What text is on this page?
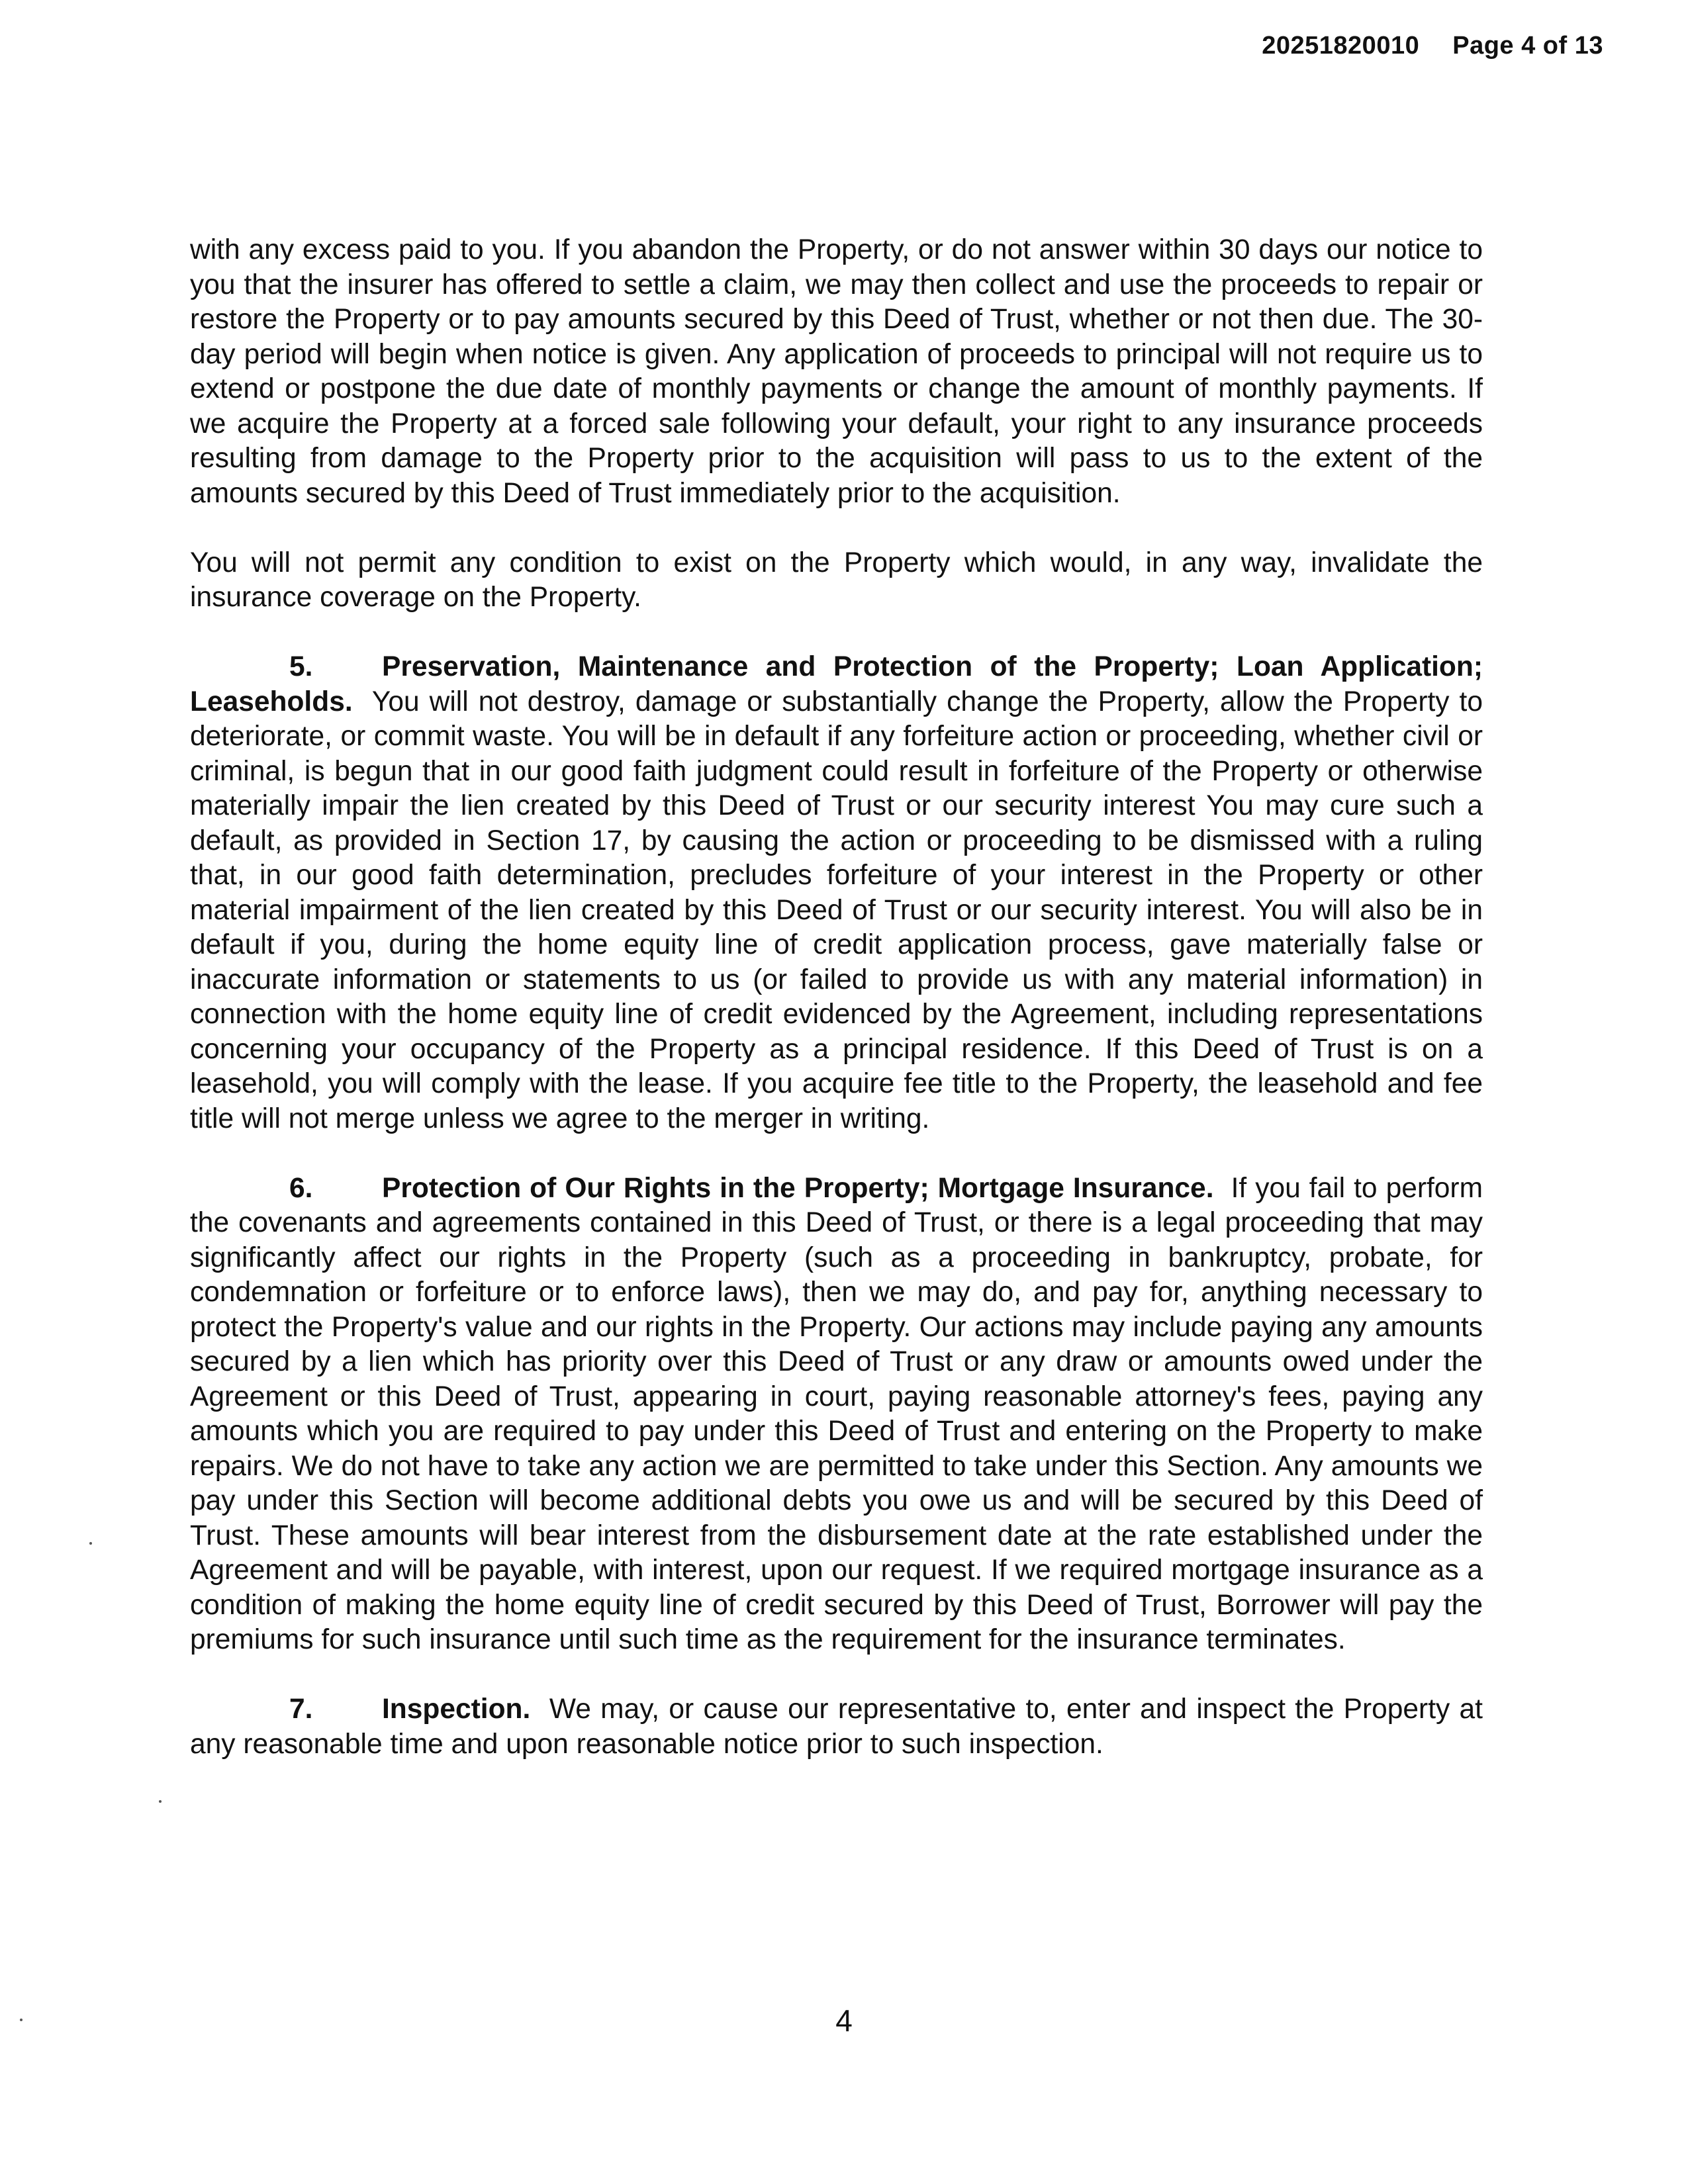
20251820010 Page 4 of 13

with any excess paid to you. If you abandon the Property, or do not answer within 30 days our notice to you that the insurer has offered to settle a claim, we may then collect and use the proceeds to repair or restore the Property or to pay amounts secured by this Deed of Trust, whether or not then due. The 30-day period will begin when notice is given. Any application of proceeds to principal will not require us to extend or postpone the due date of monthly payments or change the amount of monthly payments. If we acquire the Property at a forced sale following your default, your right to any insurance proceeds resulting from damage to the Property prior to the acquisition will pass to us to the extent of the amounts secured by this Deed of Trust immediately prior to the acquisition.

You will not permit any condition to exist on the Property which would, in any way, invalidate the insurance coverage on the Property.

5. Preservation, Maintenance and Protection of the Property; Loan Application; Leaseholds. You will not destroy, damage or substantially change the Property, allow the Property to deteriorate, or commit waste. You will be in default if any forfeiture action or proceeding, whether civil or criminal, is begun that in our good faith judgment could result in forfeiture of the Property or otherwise materially impair the lien created by this Deed of Trust or our security interest You may cure such a default, as provided in Section 17, by causing the action or proceeding to be dismissed with a ruling that, in our good faith determination, precludes forfeiture of your interest in the Property or other material impairment of the lien created by this Deed of Trust or our security interest. You will also be in default if you, during the home equity line of credit application process, gave materially false or inaccurate information or statements to us (or failed to provide us with any material information) in connection with the home equity line of credit evidenced by the Agreement, including representations concerning your occupancy of the Property as a principal residence. If this Deed of Trust is on a leasehold, you will comply with the lease. If you acquire fee title to the Property, the leasehold and fee title will not merge unless we agree to the merger in writing.

6. Protection of Our Rights in the Property; Mortgage Insurance. If you fail to perform the covenants and agreements contained in this Deed of Trust, or there is a legal proceeding that may significantly affect our rights in the Property (such as a proceeding in bankruptcy, probate, for condemnation or forfeiture or to enforce laws), then we may do, and pay for, anything necessary to protect the Property's value and our rights in the Property. Our actions may include paying any amounts secured by a lien which has priority over this Deed of Trust or any draw or amounts owed under the Agreement or this Deed of Trust, appearing in court, paying reasonable attorney's fees, paying any amounts which you are required to pay under this Deed of Trust and entering on the Property to make repairs. We do not have to take any action we are permitted to take under this Section. Any amounts we pay under this Section will become additional debts you owe us and will be secured by this Deed of Trust. These amounts will bear interest from the disbursement date at the rate established under the Agreement and will be payable, with interest, upon our request. If we required mortgage insurance as a condition of making the home equity line of credit secured by this Deed of Trust, Borrower will pay the premiums for such insurance until such time as the requirement for the insurance terminates.

7. Inspection. We may, or cause our representative to, enter and inspect the Property at any reasonable time and upon reasonable notice prior to such inspection.

4
